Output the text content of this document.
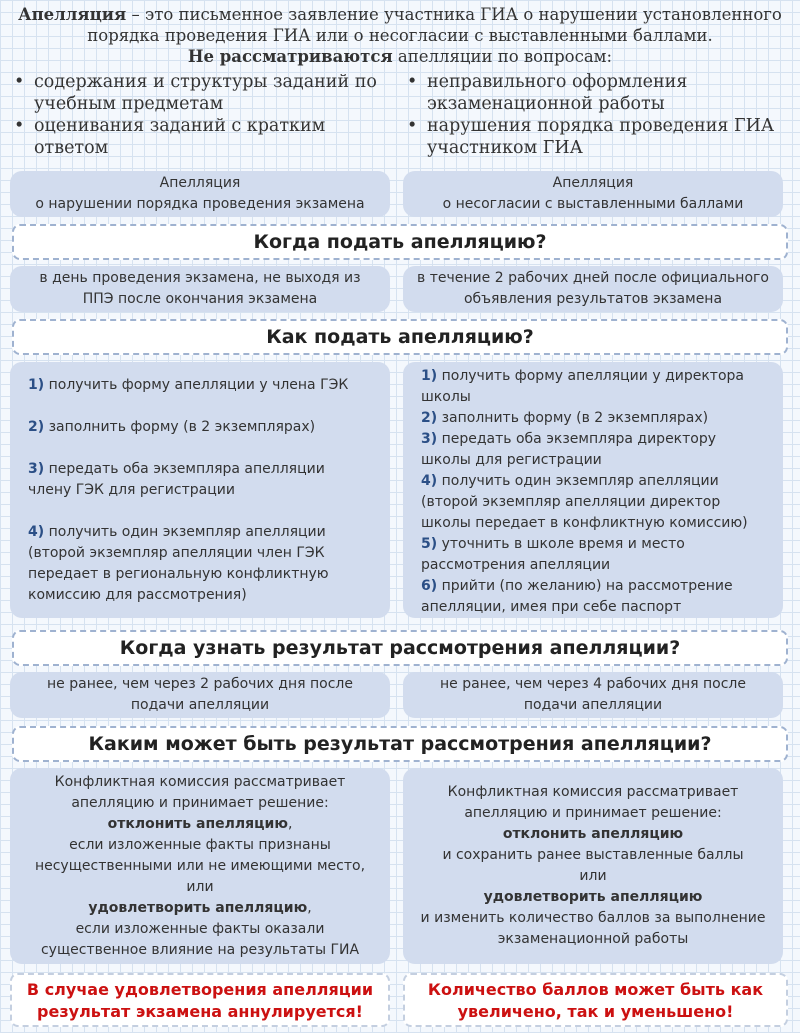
Апелляция – это письменное заявление участника ГИА о нарушении установленного
порядка проведения ГИА или о несогласии с выставленными баллами.
Не рассматриваются апелляции по вопросам:
• содержания и структуры заданий по
учебным предметам
• оценивания заданий с кратким ответом
• неправильного оформления
экзаменационной работы
• нарушения порядка проведения ГИА
участником ГИА
Апелляция
о нарушении порядка проведения экзамена
Апелляция
о несогласии с выставленными баллами
Когда подать апелляцию?
в день проведения экзамена, не выходя из
ППЭ после окончания экзамена
в течение 2 рабочих дней после официального
объявления результатов экзамена
Как подать апелляцию?
1) получить форму апелляции у члена ГЭК
2) заполнить форму (в 2 экземплярах)
3) передать оба экземпляра апелляции
члену ГЭК для регистрации
4) получить один экземпляр апелляции
(второй экземпляр апелляции член ГЭК
передает в региональную конфликтную
комиссию для рассмотрения)
1) получить форму апелляции у директора
школы
2) заполнить форму (в 2 экземплярах)
3) передать оба экземпляра директору
школы для регистрации
4) получить один экземпляр апелляции
(второй экземпляр апелляции директор
школы передает в конфликтную комиссию)
5) уточнить в школе время и место
рассмотрения апелляции
6) прийти (по желанию) на рассмотрение
апелляции, имея при себе паспорт
Когда узнать результат рассмотрения апелляции?
не ранее, чем через 2 рабочих дня после
подачи апелляции
не ранее, чем через 4 рабочих дня после
подачи апелляции
Каким может быть результат рассмотрения апелляции?
Конфликтная комиссия рассматривает
апелляцию и принимает решение:
отклонить апелляцию,
если изложенные факты признаны
несущественными или не имеющими место,
или
удовлетворить апелляцию,
если изложенные факты оказали
существенное влияние на результаты ГИА
Конфликтная комиссия рассматривает
апелляцию и принимает решение:
отклонить апелляцию
и сохранить ранее выставленные баллы
или
удовлетворить апелляцию
и изменить количество баллов за выполнение
экзаменационной работы
В случае удовлетворения апелляции
результат экзамена аннулируется!
Количество баллов может быть как
увеличено, так и уменьшено!
